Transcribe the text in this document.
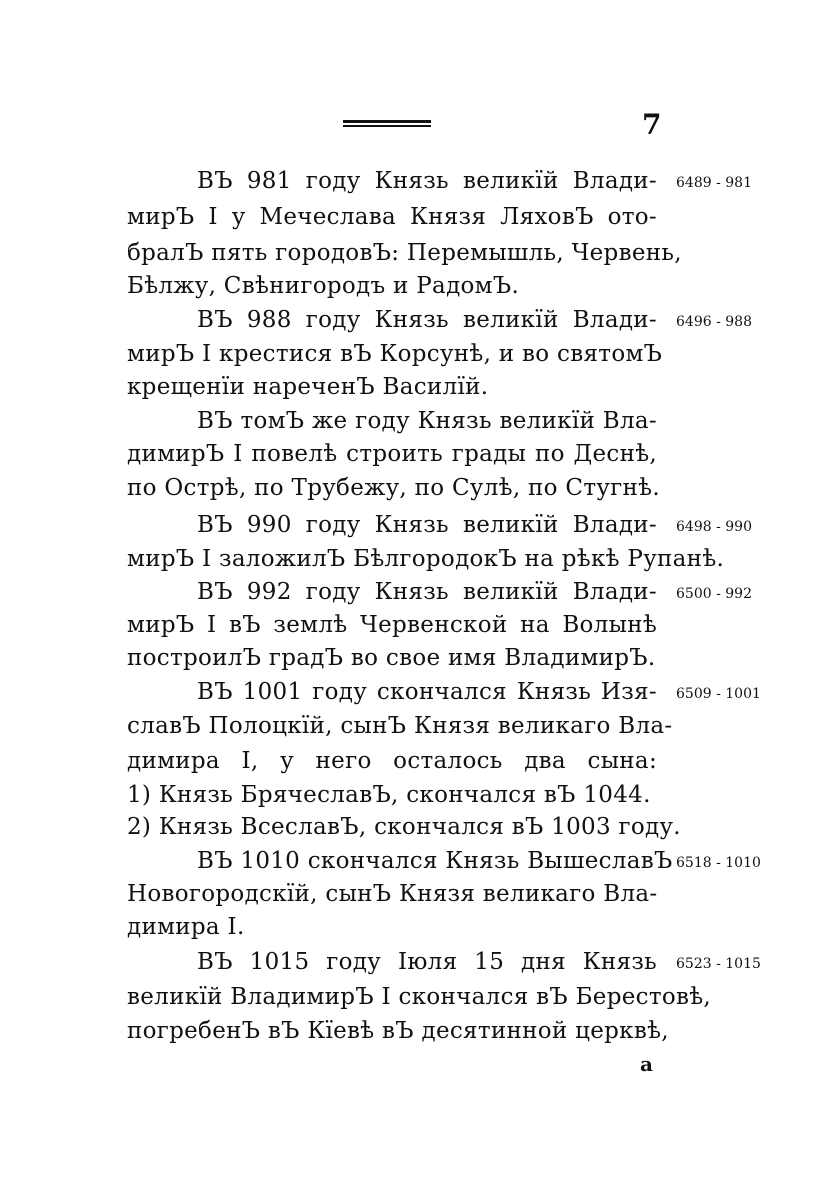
7
ВЪ 981 году Князь великїй Влади-
мирЪ I у Мечеслава Князя ЛяховЪ ото-
бралЪ пять городовЪ: Перемышль, Червень,
Бѣлжу, Свѣнигородъ и РадомЪ.
ВЪ 988 году Князь великїй Влади-
мирЪ I крестися вЪ Корсунѣ, и во святомЪ
крещенїи нареченЪ Василїй.
ВЪ томЪ же году Князь великїй Вла-
димирЪ I повелѣ строить грады по Деснѣ,
по Острѣ, по Трубежу, по Сулѣ, по Стугнѣ.
ВЪ 990 году Князь великїй Влади-
мирЪ I заложилЪ БѣлгородокЪ на рѣкѣ Рупанѣ.
ВЪ 992 году Князь великїй Влади-
мирЪ I вЪ землѣ Червенской на Волынѣ
построилЪ градЪ во свое имя ВладимирЪ.
ВЪ 1001 году скончался Князь Изя-
славЪ Полоцкїй, сынЪ Князя великаго Вла-
димира I, у него осталось два сына:
1) Князь БрячеславЪ, скончался вЪ 1044.
2) Князь ВсеславЪ, скончался вЪ 1003 году.
ВЪ 1010 скончался Князь ВышеславЪ
Новогородскїй, сынЪ Князя великаго Вла-
димира I.
ВЪ 1015 году Iюля 15 дня Князь
великїй ВладимирЪ I скончался вЪ Берестовѣ,
погребенЪ вЪ Кїевѣ вЪ десятинной церквѣ,
6489 - 981
6496 - 988
6498 - 990
6500 - 992
6509 - 1001
6518 - 1010
6523 - 1015
а
